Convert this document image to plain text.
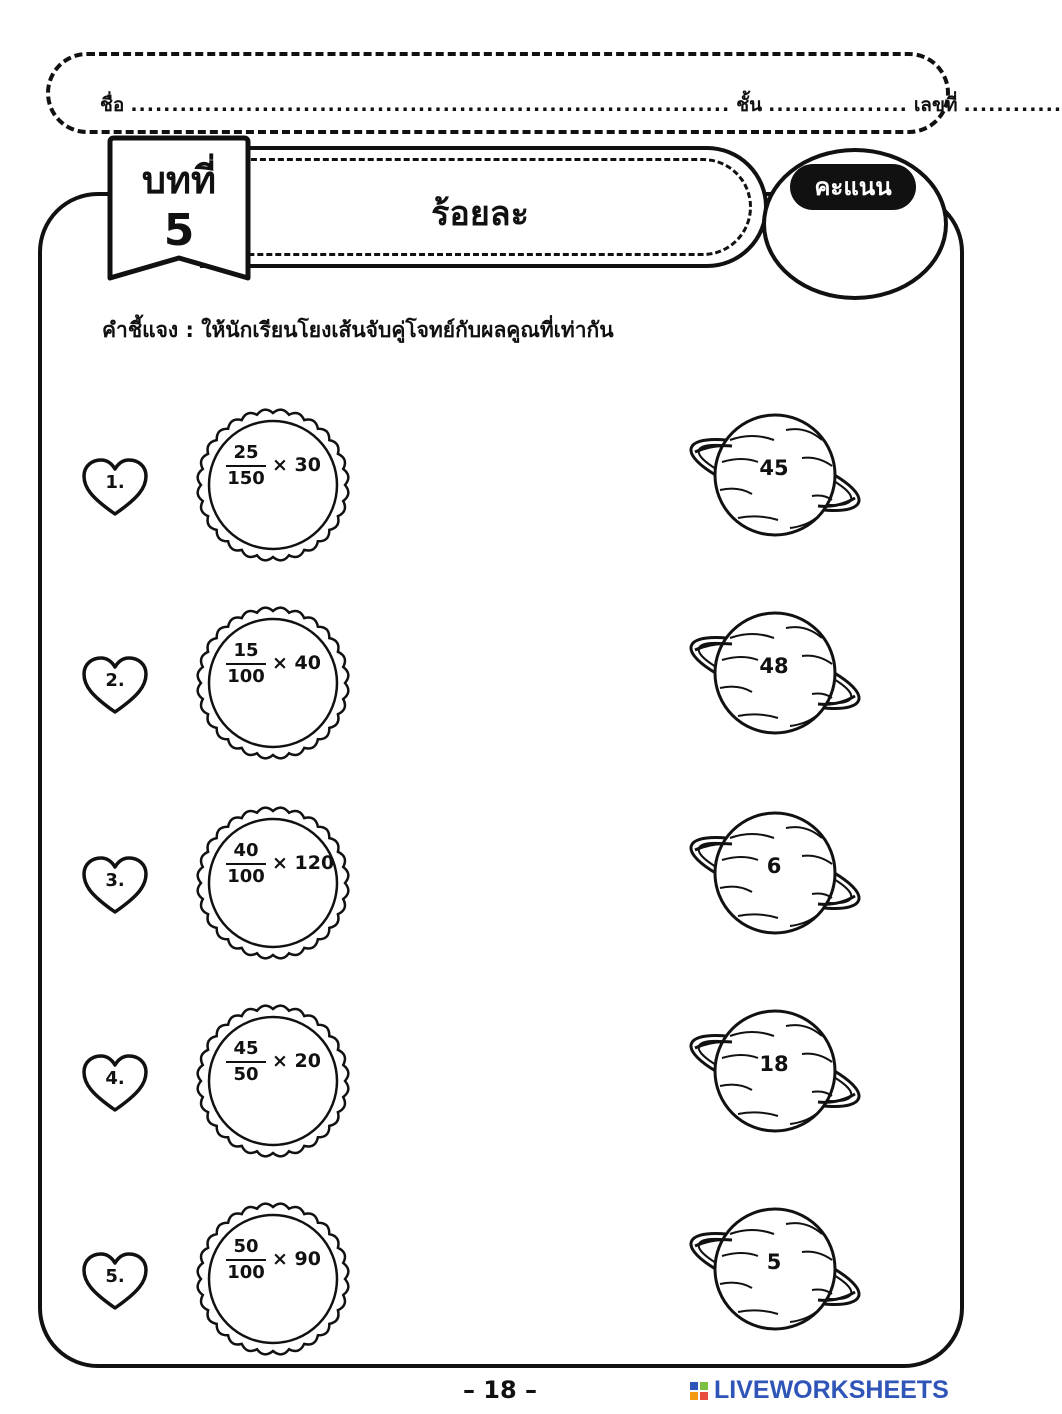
ชื่อ ......................................................................... ชั้น ................. เลขที่ ............
ร้อยละ
บทที่
5
คะแนน
คำชี้แจง : ให้นักเรียนโยงเส้นจับคู่โจทย์กับผลคูณที่เท่ากัน
1.
25
150
× 30	45
2.
15
100
× 40	48
3.
40
100
× 120	6
4.
45
50
× 20	18
5.
50
100
× 90	5
– 18 –	LIVEWORKSHEETS
